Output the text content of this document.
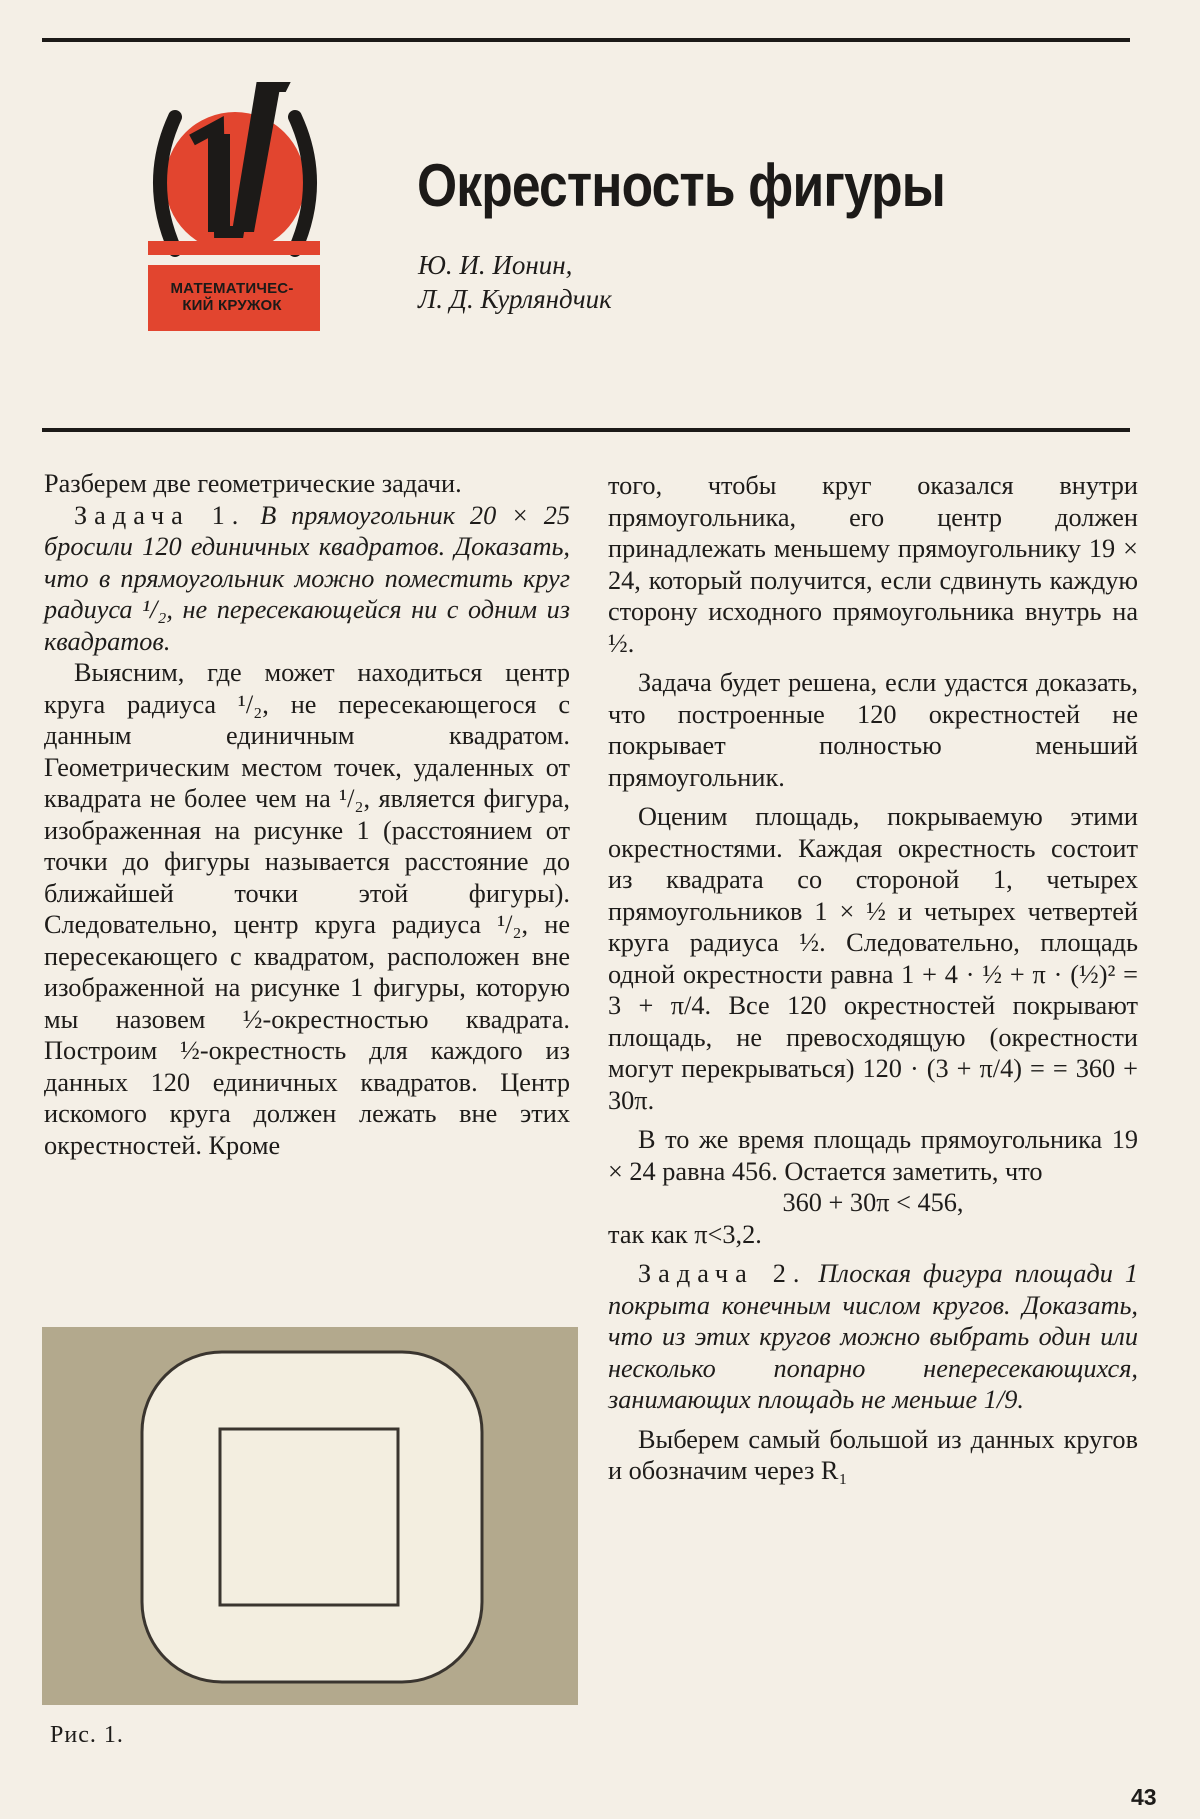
МАТЕМАТИЧЕС-
КИЙ КРУЖОК
Окрестность фигуры
Ю. И. Ионин,
Л. Д. Курляндчик

Разберем две геометрические задачи.

Задача 1. В прямоугольник 20 × 25 бросили 120 единичных квадратов. Доказать, что в прямоугольник можно поместить круг радиуса ¹/₂, не пересекающейся ни с одним из квадратов.

Выясним, где может находиться центр круга радиуса ¹/₂, не пересекающегося с данным единичным квадратом. Геометрическим местом точек, удаленных от квадрата не более чем на ¹/₂, является фигура, изображенная на рисунке 1 (расстоянием от точки до фигуры называется расстояние до ближайшей точки этой фигуры). Следовательно, центр круга радиуса ¹/₂, не пересекающего с квадратом, расположен вне изображенной на рисунке 1 фигуры, которую мы назовем ½-окрестностью квадрата. Построим ½-окрестность для каждого из данных 120 единичных квадратов. Центр искомого круга должен лежать вне этих окрестностей. Кроме

Рис. 1.

того, чтобы круг оказался внутри прямоугольника, его центр должен принадлежать меньшему прямоугольнику 19 × 24, который получится, если сдвинуть каждую сторону исходного прямоугольника внутрь на ½.

Задача будет решена, если удастся доказать, что построенные 120 окрестностей не покрывает полностью меньший прямоугольник.

Оценим площадь, покрываемую этими окрестностями. Каждая окрестность состоит из квадрата со стороной 1, четырех прямоугольников 1 × ½ и четырех четвертей круга радиуса ½. Следовательно, площадь одной окрестности равна 1 + 4 · ½ + π · (½)² = 3 + π/4. Все 120 окрестностей покрывают площадь, не превосходящую (окрестности могут перекрываться) 120 · (3 + π/4) = = 360 + 30π.

В то же время площадь прямоугольника 19 × 24 равна 456. Остается заметить, что

360 + 30π < 456,

так как π<3,2.

Задача 2. Плоская фигура площади 1 покрыта конечным числом кругов. Доказать, что из этих кругов можно выбрать один или несколько попарно непересекающихся, занимающих площадь не меньше 1/9.

Выберем самый большой из данных кругов и обозначим через R₁

43
